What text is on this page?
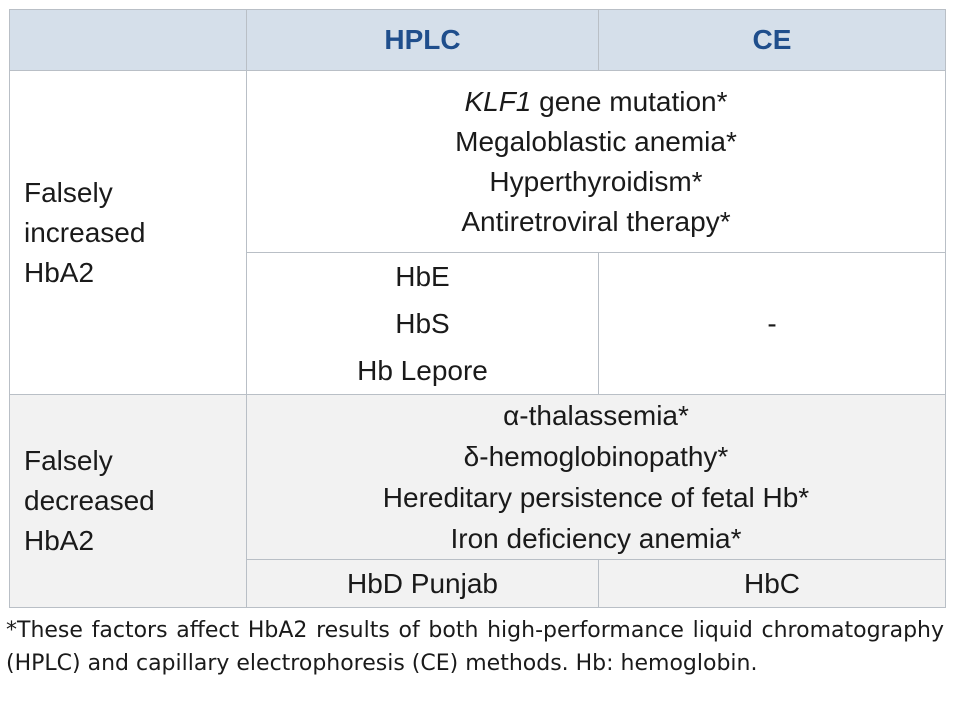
	HPLC	CE

Falsely
increased
HbA2	KLF1 gene mutation*
Megaloblastic anemia*
Hyperthyroidism*
Antiretroviral therapy*	

	HbE
HbS
Hb Lepore	-

Falsely
decreased
HbA2	α-thalassemia*
δ-hemoglobinopathy*
Hereditary persistence of fetal Hb*
Iron deficiency anemia*	

	HbD Punjab	HbC

*These factors affect HbA2 results of both high-performance liquid chromatography (HPLC) and capillary electrophoresis (CE) methods. Hb: hemoglobin.
